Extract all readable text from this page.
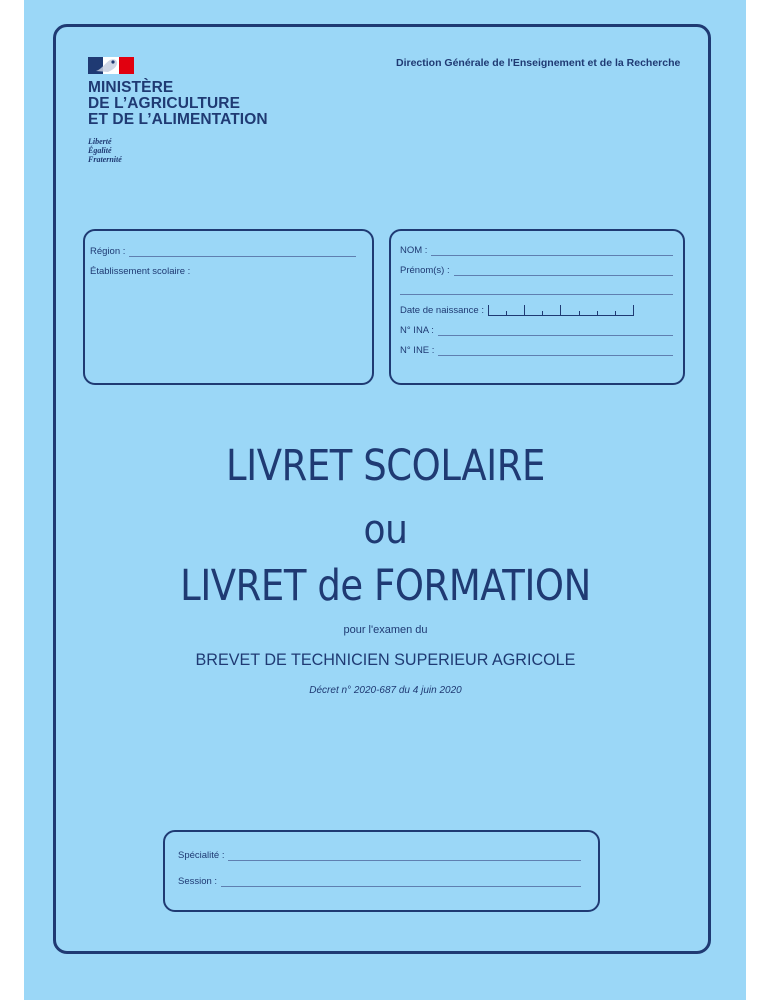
MINISTÈRE
DE L’AGRICULTURE
ET DE L’ALIMENTATION
Liberté
Égalité
Fraternité
Direction Générale de l'Enseignement et de la Recherche
Région :
Établissement scolaire :
NOM :
Prénom(s) :
Date de naissance :
N° INA :
N° INE :
LIVRET SCOLAIRE
ou
LIVRET de FORMATION
pour l'examen du
BREVET DE TECHNICIEN SUPERIEUR AGRICOLE
Décret n° 2020-687 du 4 juin 2020
Spécialité :
Session :
